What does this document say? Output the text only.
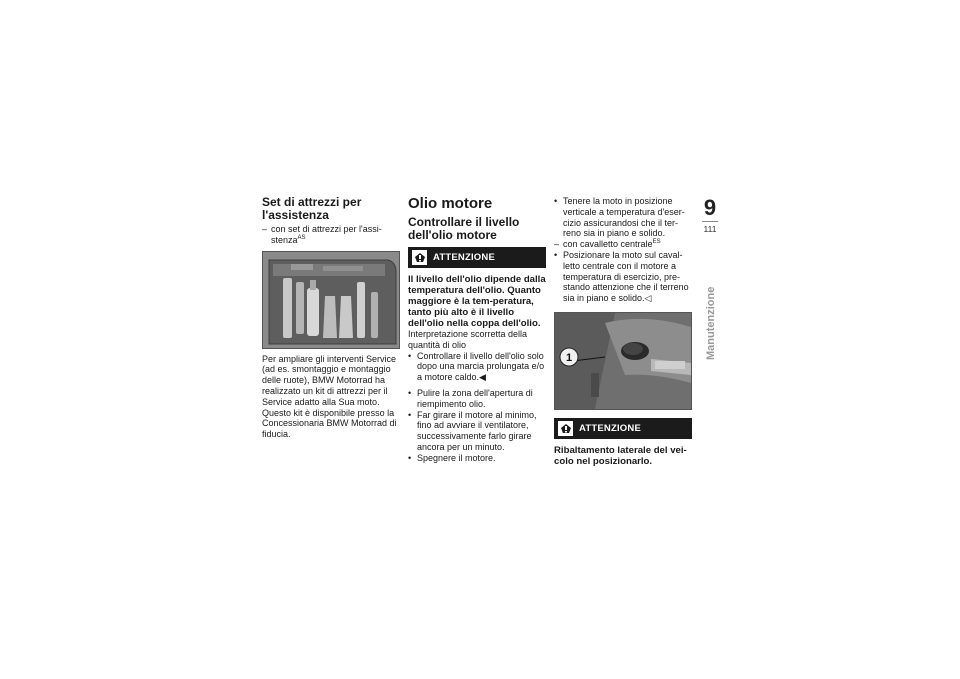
Set di attrezzi per l'assistenza
– con set di attrezzi per l'assi-stenza$^{AS}$

Per ampliare gli interventi Service (ad es. smontaggio e montaggio delle ruote), BMW Motorrad ha realizzato un kit di attrezzi per il Service adatto alla Sua moto. Questo kit è disponibile presso la Concessionaria BMW Motorrad di fiducia.

Olio motore
Controllare il livello dell'olio motore
ATTENZIONE

Il livello dell'olio dipende dalla temperatura dell'olio. Quanto maggiore è la tem-peratura, tanto più alto è il livello dell'olio nella coppa dell'olio.

Interpretazione scorretta della quantità di olio

• Controllare il livello dell'olio solo dopo una marcia prolungata e/o a motore caldo.◀
• Pulire la zona dell'apertura di riempimento olio.
• Far girare il motore al minimo, fino ad avviare il ventilatore, successivamente farlo girare ancora per un minuto.
• Spegnere il motore.
• Tenere la moto in posizione verticale a temperatura d'eser-cizio assicurandosi che il ter-reno sia in piano e solido.
– con cavalletto centrale$^{ES}$
• Posizionare la moto sul caval-letto centrale con il motore a temperatura di esercizio, pre-stando attenzione che il terreno sia in piano e solido.◁
1
ATTENZIONE

Ribaltamento laterale del vei-colo nel posizionarlo.

9
111
Manutenzione
